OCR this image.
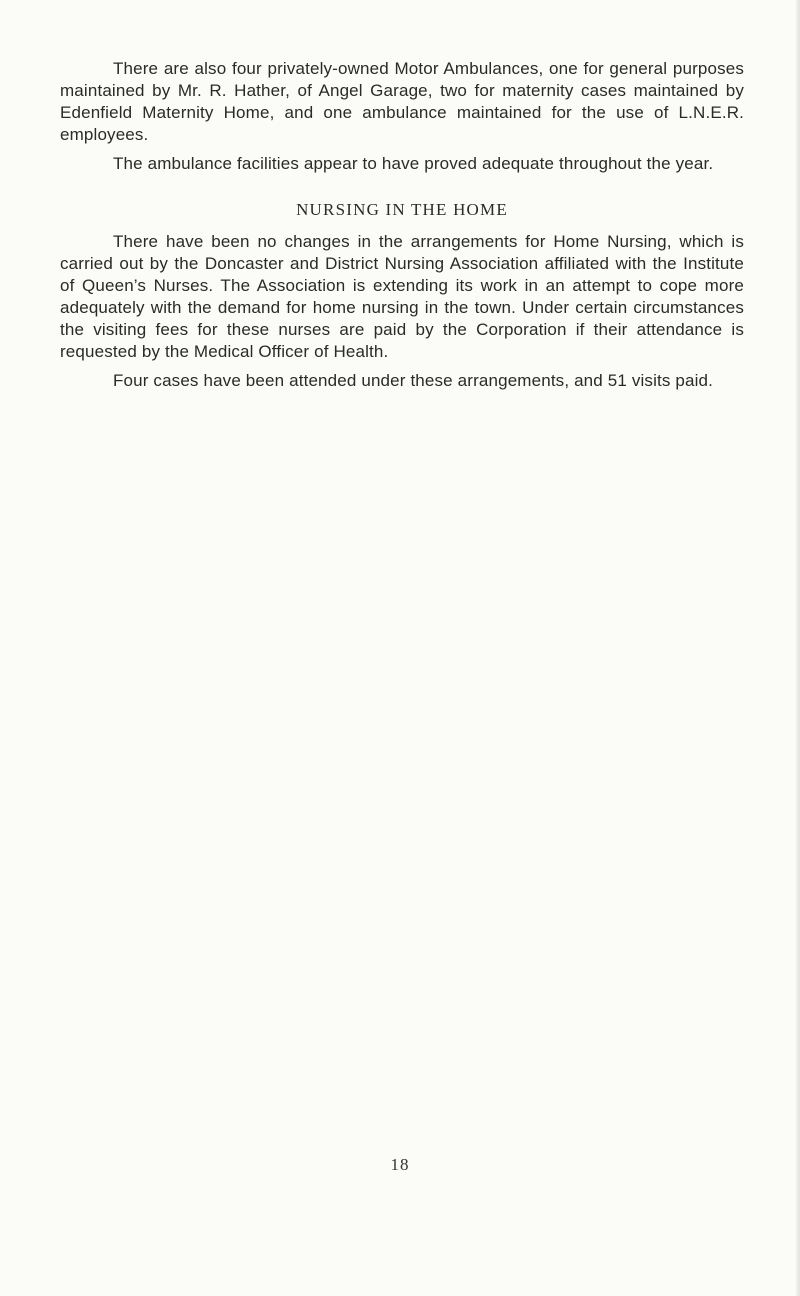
There are also four privately-owned Motor Ambulances, one for general purposes maintained by Mr. R. Hather, of Angel Garage, two for maternity cases maintained by Edenfield Maternity Home, and one ambulance maintained for the use of L.N.E.R. employees.

The ambulance facilities appear to have proved adequate throughout the year.

NURSING IN THE HOME

There have been no changes in the arrangements for Home Nursing, which is carried out by the Doncaster and District Nursing Association affiliated with the Institute of Queen’s Nurses. The Association is extending its work in an attempt to cope more adequately with the demand for home nursing in the town. Under certain circumstances the visiting fees for these nurses are paid by the Corporation if their attendance is requested by the Medical Officer of Health.

Four cases have been attended under these arrangements, and 51 visits paid.

18
